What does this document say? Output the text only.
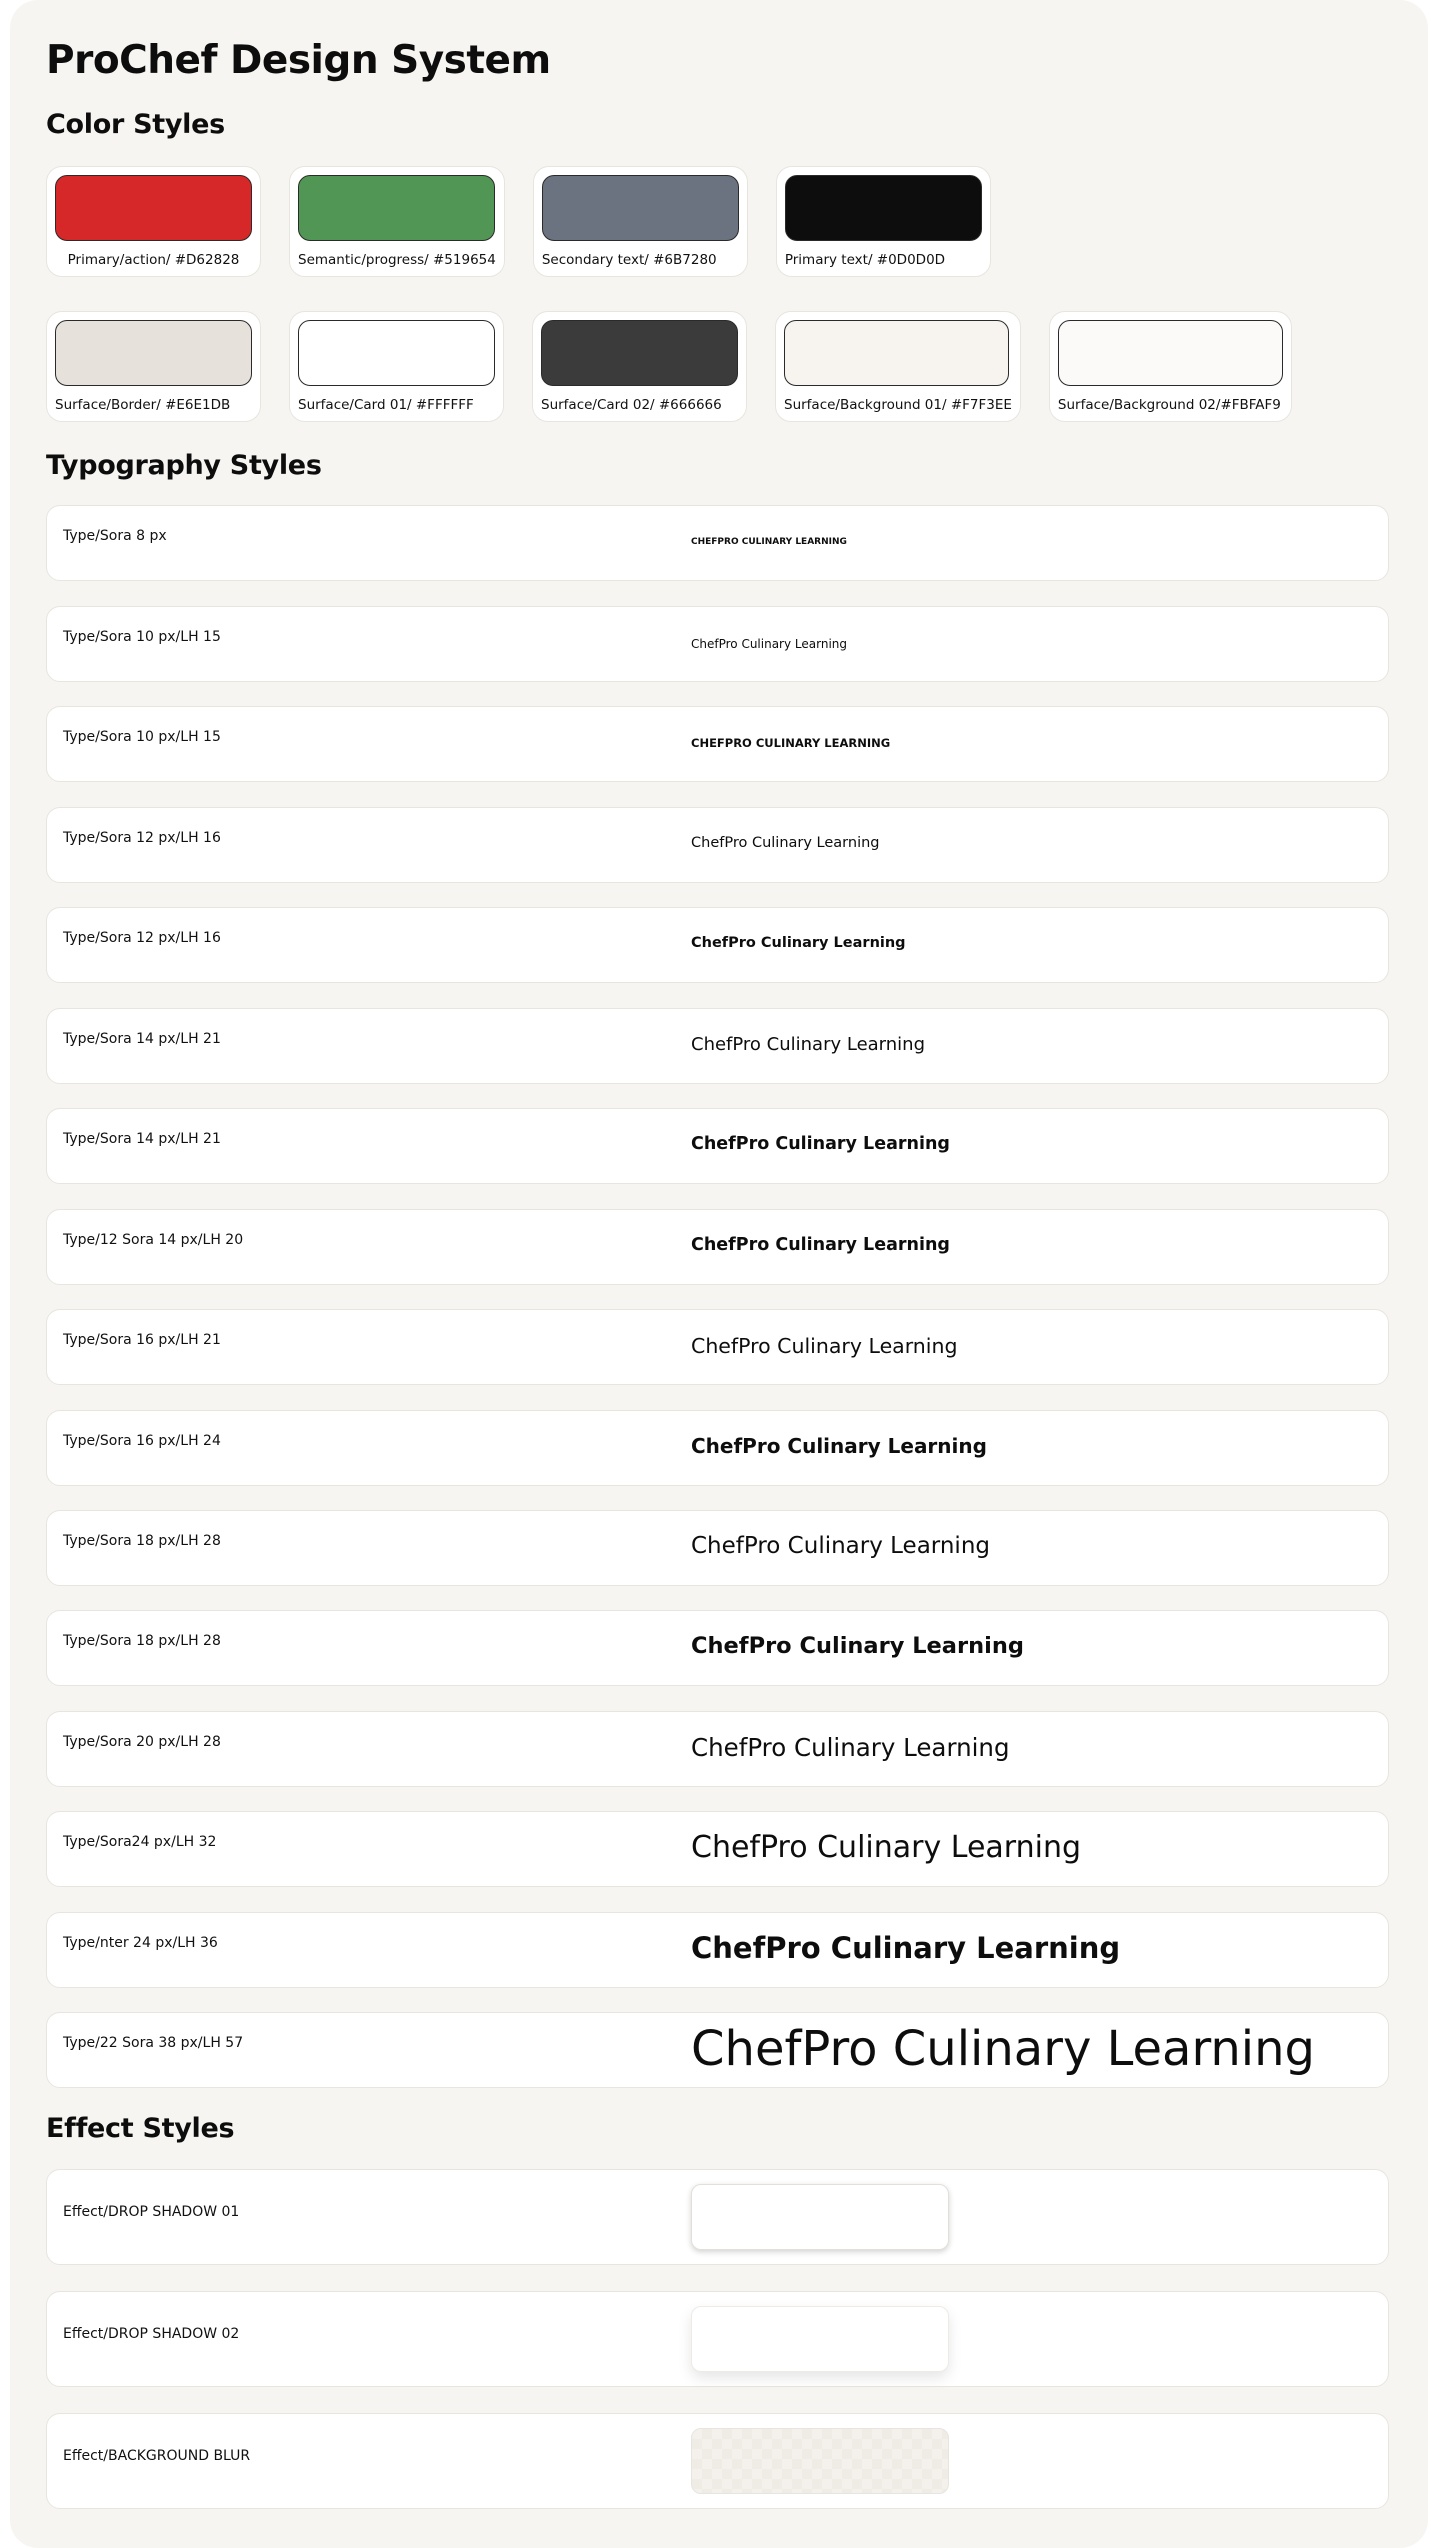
ProChef Design System
Color Styles
Primary/action/ #D62828	Semantic/progress/ #519654	Secondary text/ #6B7280	Primary text/ #0D0D0D
Surface/Border/ #E6E1DB	Surface/Card 01/ #FFFFFF	Surface/Card 02/ #666666	Surface/Background 01/ #F7F3EE	Surface/Background 02/#FBFAF9
Typography Styles
Type/Sora 8 px	CHEFPRO CULINARY LEARNING
Type/Sora 10 px/LH 15	ChefPro Culinary Learning
Type/Sora 10 px/LH 15	CHEFPRO CULINARY LEARNING
Type/Sora 12 px/LH 16	ChefPro Culinary Learning
Type/Sora 12 px/LH 16	ChefPro Culinary Learning
Type/Sora 14 px/LH 21	ChefPro Culinary Learning
Type/Sora 14 px/LH 21	ChefPro Culinary Learning
Type/12 Sora 14 px/LH 20	ChefPro Culinary Learning
Type/Sora 16 px/LH 21	ChefPro Culinary Learning
Type/Sora 16 px/LH 24	ChefPro Culinary Learning
Type/Sora 18 px/LH 28	ChefPro Culinary Learning
Type/Sora 18 px/LH 28	ChefPro Culinary Learning
Type/Sora 20 px/LH 28	ChefPro Culinary Learning
Type/Sora24 px/LH 32	ChefPro Culinary Learning
Type/nter 24 px/LH 36	ChefPro Culinary Learning
Type/22 Sora 38 px/LH 57	ChefPro Culinary Learning
Effect Styles
Effect/DROP SHADOW 01
Effect/DROP SHADOW 02
Effect/BACKGROUND BLUR
